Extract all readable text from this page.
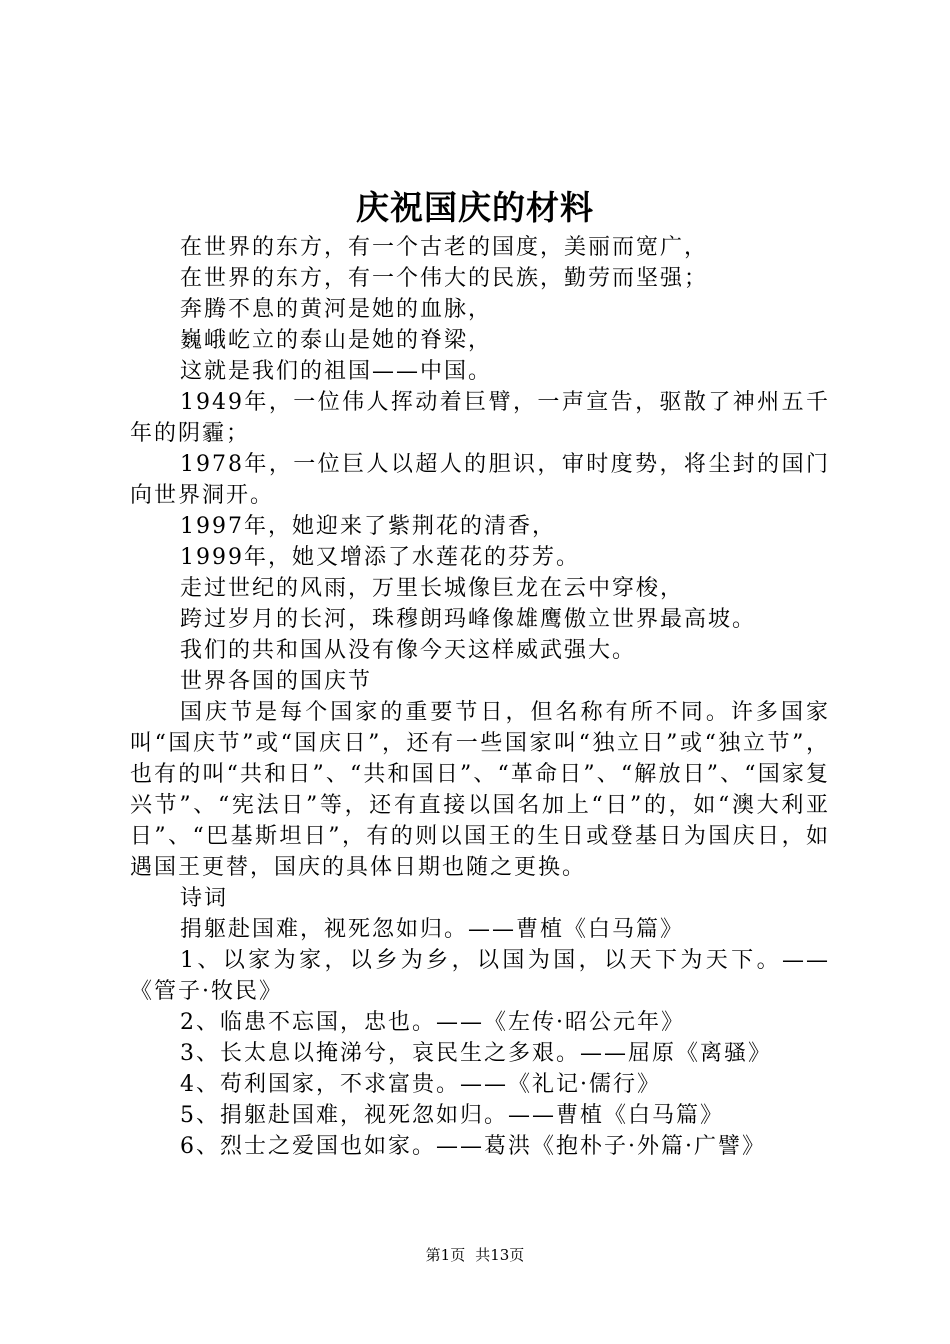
庆祝国庆的材料

在世界的东方，有一个古老的国度，美丽而宽广，

在世界的东方，有一个伟大的民族，勤劳而坚强；

奔腾不息的黄河是她的血脉，

巍峨屹立的泰山是她的脊梁，

这就是我们的祖国——中国。

1949年，一位伟人挥动着巨臂，一声宣告，驱散了神州五千年的阴霾；

1978年，一位巨人以超人的胆识，审时度势，将尘封的国门向世界洞开。

1997年，她迎来了紫荆花的清香，

1999年，她又增添了水莲花的芬芳。

走过世纪的风雨，万里长城像巨龙在云中穿梭，

跨过岁月的长河，珠穆朗玛峰像雄鹰傲立世界最高坡。

我们的共和国从没有像今天这样威武强大。

世界各国的国庆节

国庆节是每个国家的重要节日，但名称有所不同。许多国家叫“国庆节”或“国庆日”，还有一些国家叫“独立日”或“独立节”，也有的叫“共和日”、“共和国日”、“革命日”、“解放日”、“国家复兴节”、“宪法日”等，还有直接以国名加上“日”的，如“澳大利亚日”、“巴基斯坦日”，有的则以国王的生日或登基日为国庆日，如遇国王更替，国庆的具体日期也随之更换。

诗词

捐躯赴国难，视死忽如归。——曹植《白马篇》

1、以家为家，以乡为乡，以国为国，以天下为天下。——《管子·牧民》

2、临患不忘国，忠也。——《左传·昭公元年》

3、长太息以掩涕兮，哀民生之多艰。——屈原《离骚》

4、苟利国家，不求富贵。——《礼记·儒行》

5、捐躯赴国难，视死忽如归。——曹植《白马篇》

6、烈士之爱国也如家。——葛洪《抱朴子·外篇·广譬》

第1页 共13页
